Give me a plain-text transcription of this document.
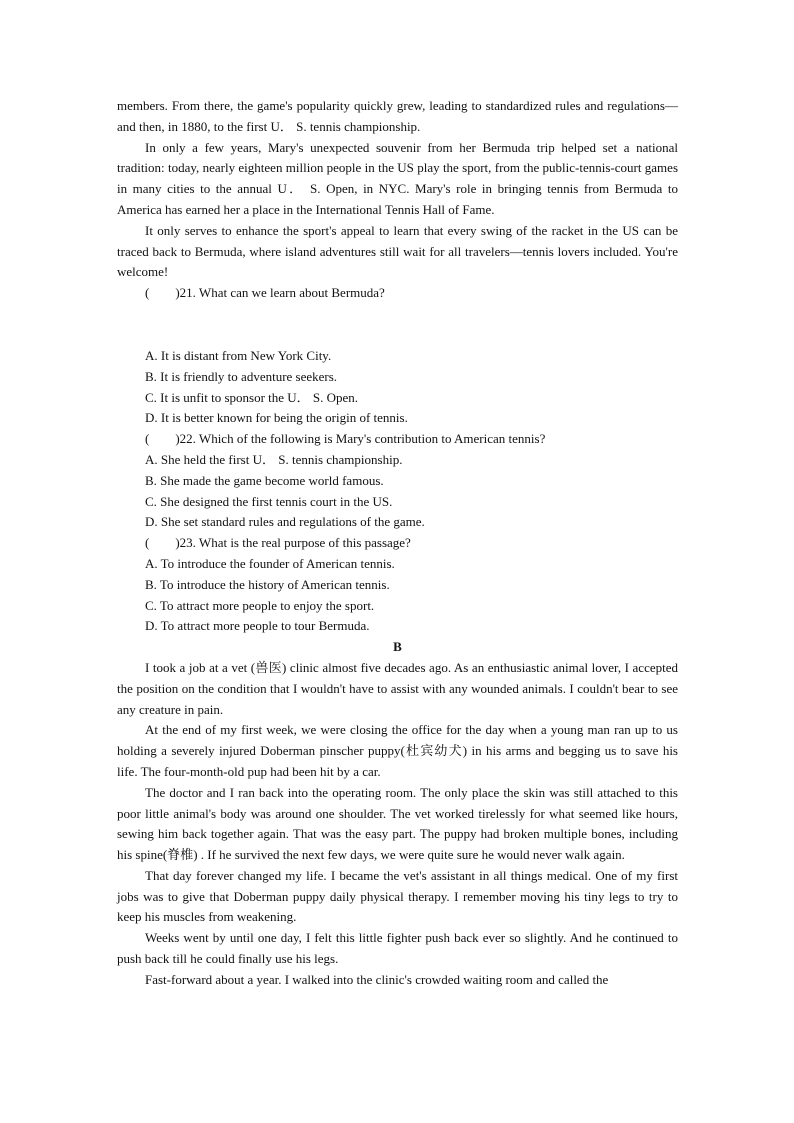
members. From there, the game's popularity quickly grew, leading to standardized rules and regulations—and then, in 1880, to the first U． S. tennis championship.

In only a few years, Mary's unexpected souvenir from her Bermuda trip helped set a national tradition: today, nearly eighteen million people in the US play the sport, from the public‐tennis‐court games in many cities to the annual U． S. Open, in NYC. Mary's role in bringing tennis from Bermuda to America has earned her a place in the International Tennis Hall of Fame.

It only serves to enhance the sport's appeal to learn that every swing of the racket in the US can be traced back to Bermuda, where island adventures still wait for all travelers—tennis lovers included. You're welcome!

(　　)21. What can we learn about Bermuda?

A. It is distant from New York City.

B. It is friendly to adventure seekers.

C. It is unfit to sponsor the U． S. Open.

D. It is better known for being the origin of tennis.

(　　)22. Which of the following is Mary's contribution to American tennis?

A. She held the first U． S. tennis championship.

B. She made the game become world famous.

C. She designed the first tennis court in the US.

D. She set standard rules and regulations of the game.

(　　)23. What is the real purpose of this passage?

A. To introduce the founder of American tennis.

B. To introduce the history of American tennis.

C. To attract more people to enjoy the sport.

D. To attract more people to tour Bermuda.

B

I took a job at a vet (兽医) clinic almost five decades ago. As an enthusiastic animal lover, I accepted the position on the condition that I wouldn't have to assist with any wounded animals. I couldn't bear to see any creature in pain.

At the end of my first week, we were closing the office for the day when a young man ran up to us holding a severely injured Doberman pinscher puppy(杜宾幼犬) in his arms and begging us to save his life. The four‐month‐old pup had been hit by a car.

The doctor and I ran back into the operating room. The only place the skin was still attached to this poor little animal's body was around one shoulder. The vet worked tirelessly for what seemed like hours, sewing him back together again. That was the easy part. The puppy had broken multiple bones, including his spine(脊椎) . If he survived the next few days, we were quite sure he would never walk again.

That day forever changed my life. I became the vet's assistant in all things medical. One of my first jobs was to give that Doberman puppy daily physical therapy. I remember moving his tiny legs to try to keep his muscles from weakening.

Weeks went by until one day, I felt this little fighter push back ever so slightly. And he continued to push back till he could finally use his legs.

Fast‐forward about a year. I walked into the clinic's crowded waiting room and called the
